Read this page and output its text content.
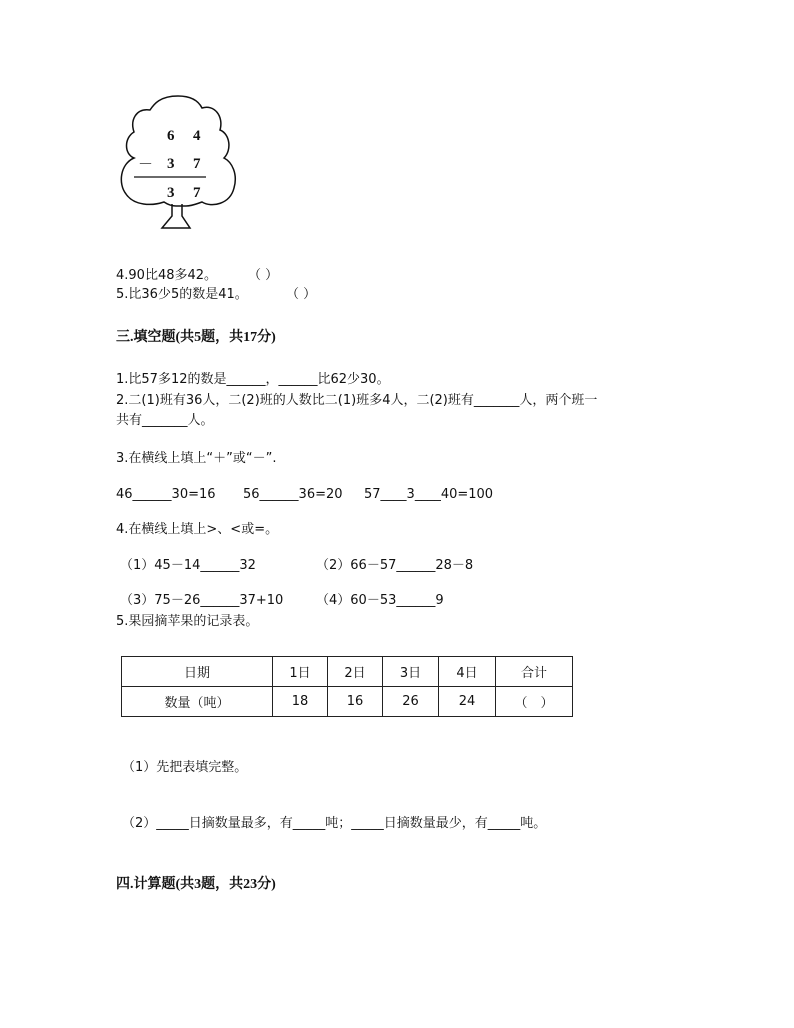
6 4
－ 3 7
3 7
4.90比48多42。 （ ）
5.比36少5的数是41。	（ ）
三.填空题(共5题，共17分)
1.比57多12的数是______，______比62少30。
2.二(1)班有36人，二(2)班的人数比二(1)班多4人，二(2)班有_______人，两个班一
共有_______人。
3.在横线上填上“＋”或“－”.
46______30=16 56______36=20 57____3____40=100
4.在横线上填上>、<或=。
（1）45－14______32	（2）66－57______28－8
（3）75－26______37+10	（4）60－53______9
5.果园摘苹果的记录表。
日期	1日	2日	3日	4日	合计
数量（吨）	18	16	26	24	（　）
（1）先把表填完整。
（2）_____日摘数量最多，有_____吨；_____日摘数量最少，有_____吨。
四.计算题(共3题，共23分)
